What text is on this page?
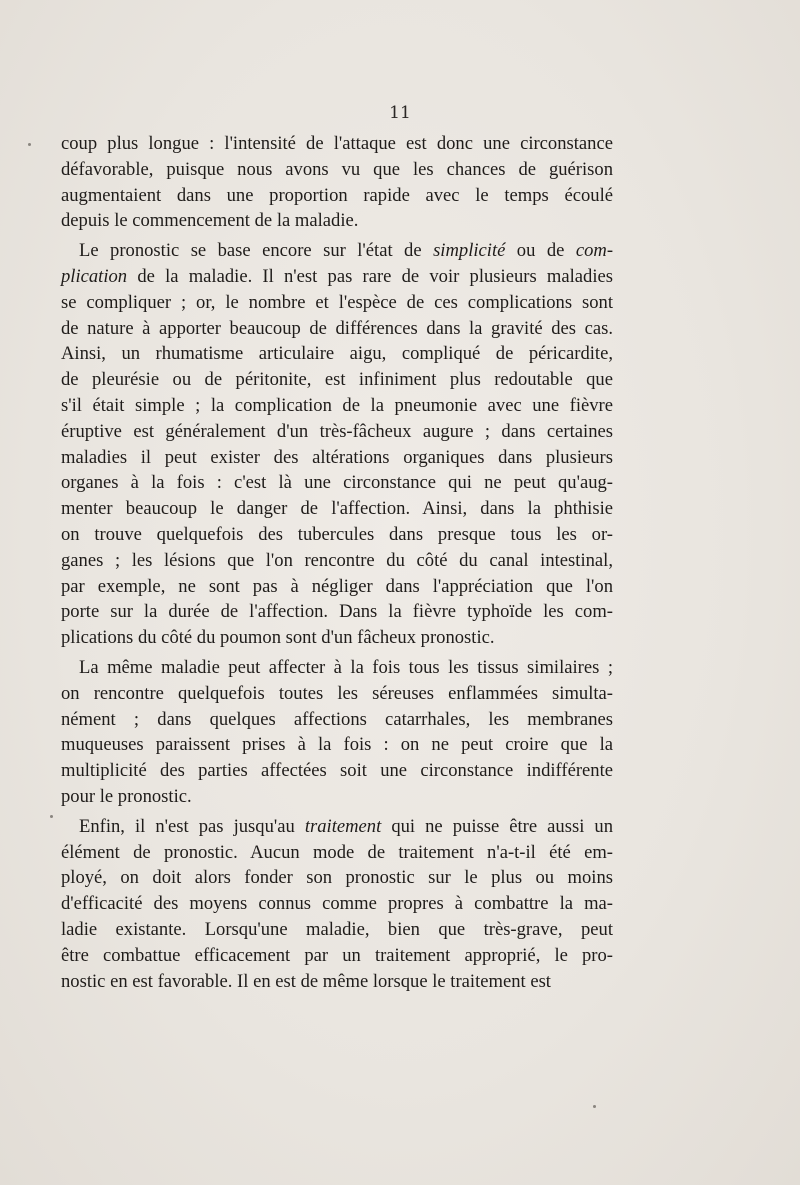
11
coup plus longue : l'intensité de l'attaque est donc une circonstance
défavorable, puisque nous avons vu que les chances de guérison
augmentaient dans une proportion rapide avec le temps écoulé
depuis le commencement de la maladie.
Le pronostic se base encore sur l'état de simplicité ou de com-
plication de la maladie. Il n'est pas rare de voir plusieurs maladies
se compliquer ; or, le nombre et l'espèce de ces complications sont
de nature à apporter beaucoup de différences dans la gravité des cas.
Ainsi, un rhumatisme articulaire aigu, compliqué de péricardite,
de pleurésie ou de péritonite, est infiniment plus redoutable que
s'il était simple ; la complication de la pneumonie avec une fièvre
éruptive est généralement d'un très-fâcheux augure ; dans certaines
maladies il peut exister des altérations organiques dans plusieurs
organes à la fois : c'est là une circonstance qui ne peut qu'aug-
menter beaucoup le danger de l'affection. Ainsi, dans la phthisie
on trouve quelquefois des tubercules dans presque tous les or-
ganes ; les lésions que l'on rencontre du côté du canal intestinal,
par exemple, ne sont pas à négliger dans l'appréciation que l'on
porte sur la durée de l'affection. Dans la fièvre typhoïde les com-
plications du côté du poumon sont d'un fâcheux pronostic.
La même maladie peut affecter à la fois tous les tissus similaires ;
on rencontre quelquefois toutes les séreuses enflammées simulta-
nément ; dans quelques affections catarrhales, les membranes
muqueuses paraissent prises à la fois : on ne peut croire que la
multiplicité des parties affectées soit une circonstance indifférente
pour le pronostic.
Enfin, il n'est pas jusqu'au traitement qui ne puisse être aussi un
élément de pronostic. Aucun mode de traitement n'a-t-il été em-
ployé, on doit alors fonder son pronostic sur le plus ou moins
d'efficacité des moyens connus comme propres à combattre la ma-
ladie existante. Lorsqu'une maladie, bien que très-grave, peut
être combattue efficacement par un traitement approprié, le pro-
nostic en est favorable. Il en est de même lorsque le traitement est
